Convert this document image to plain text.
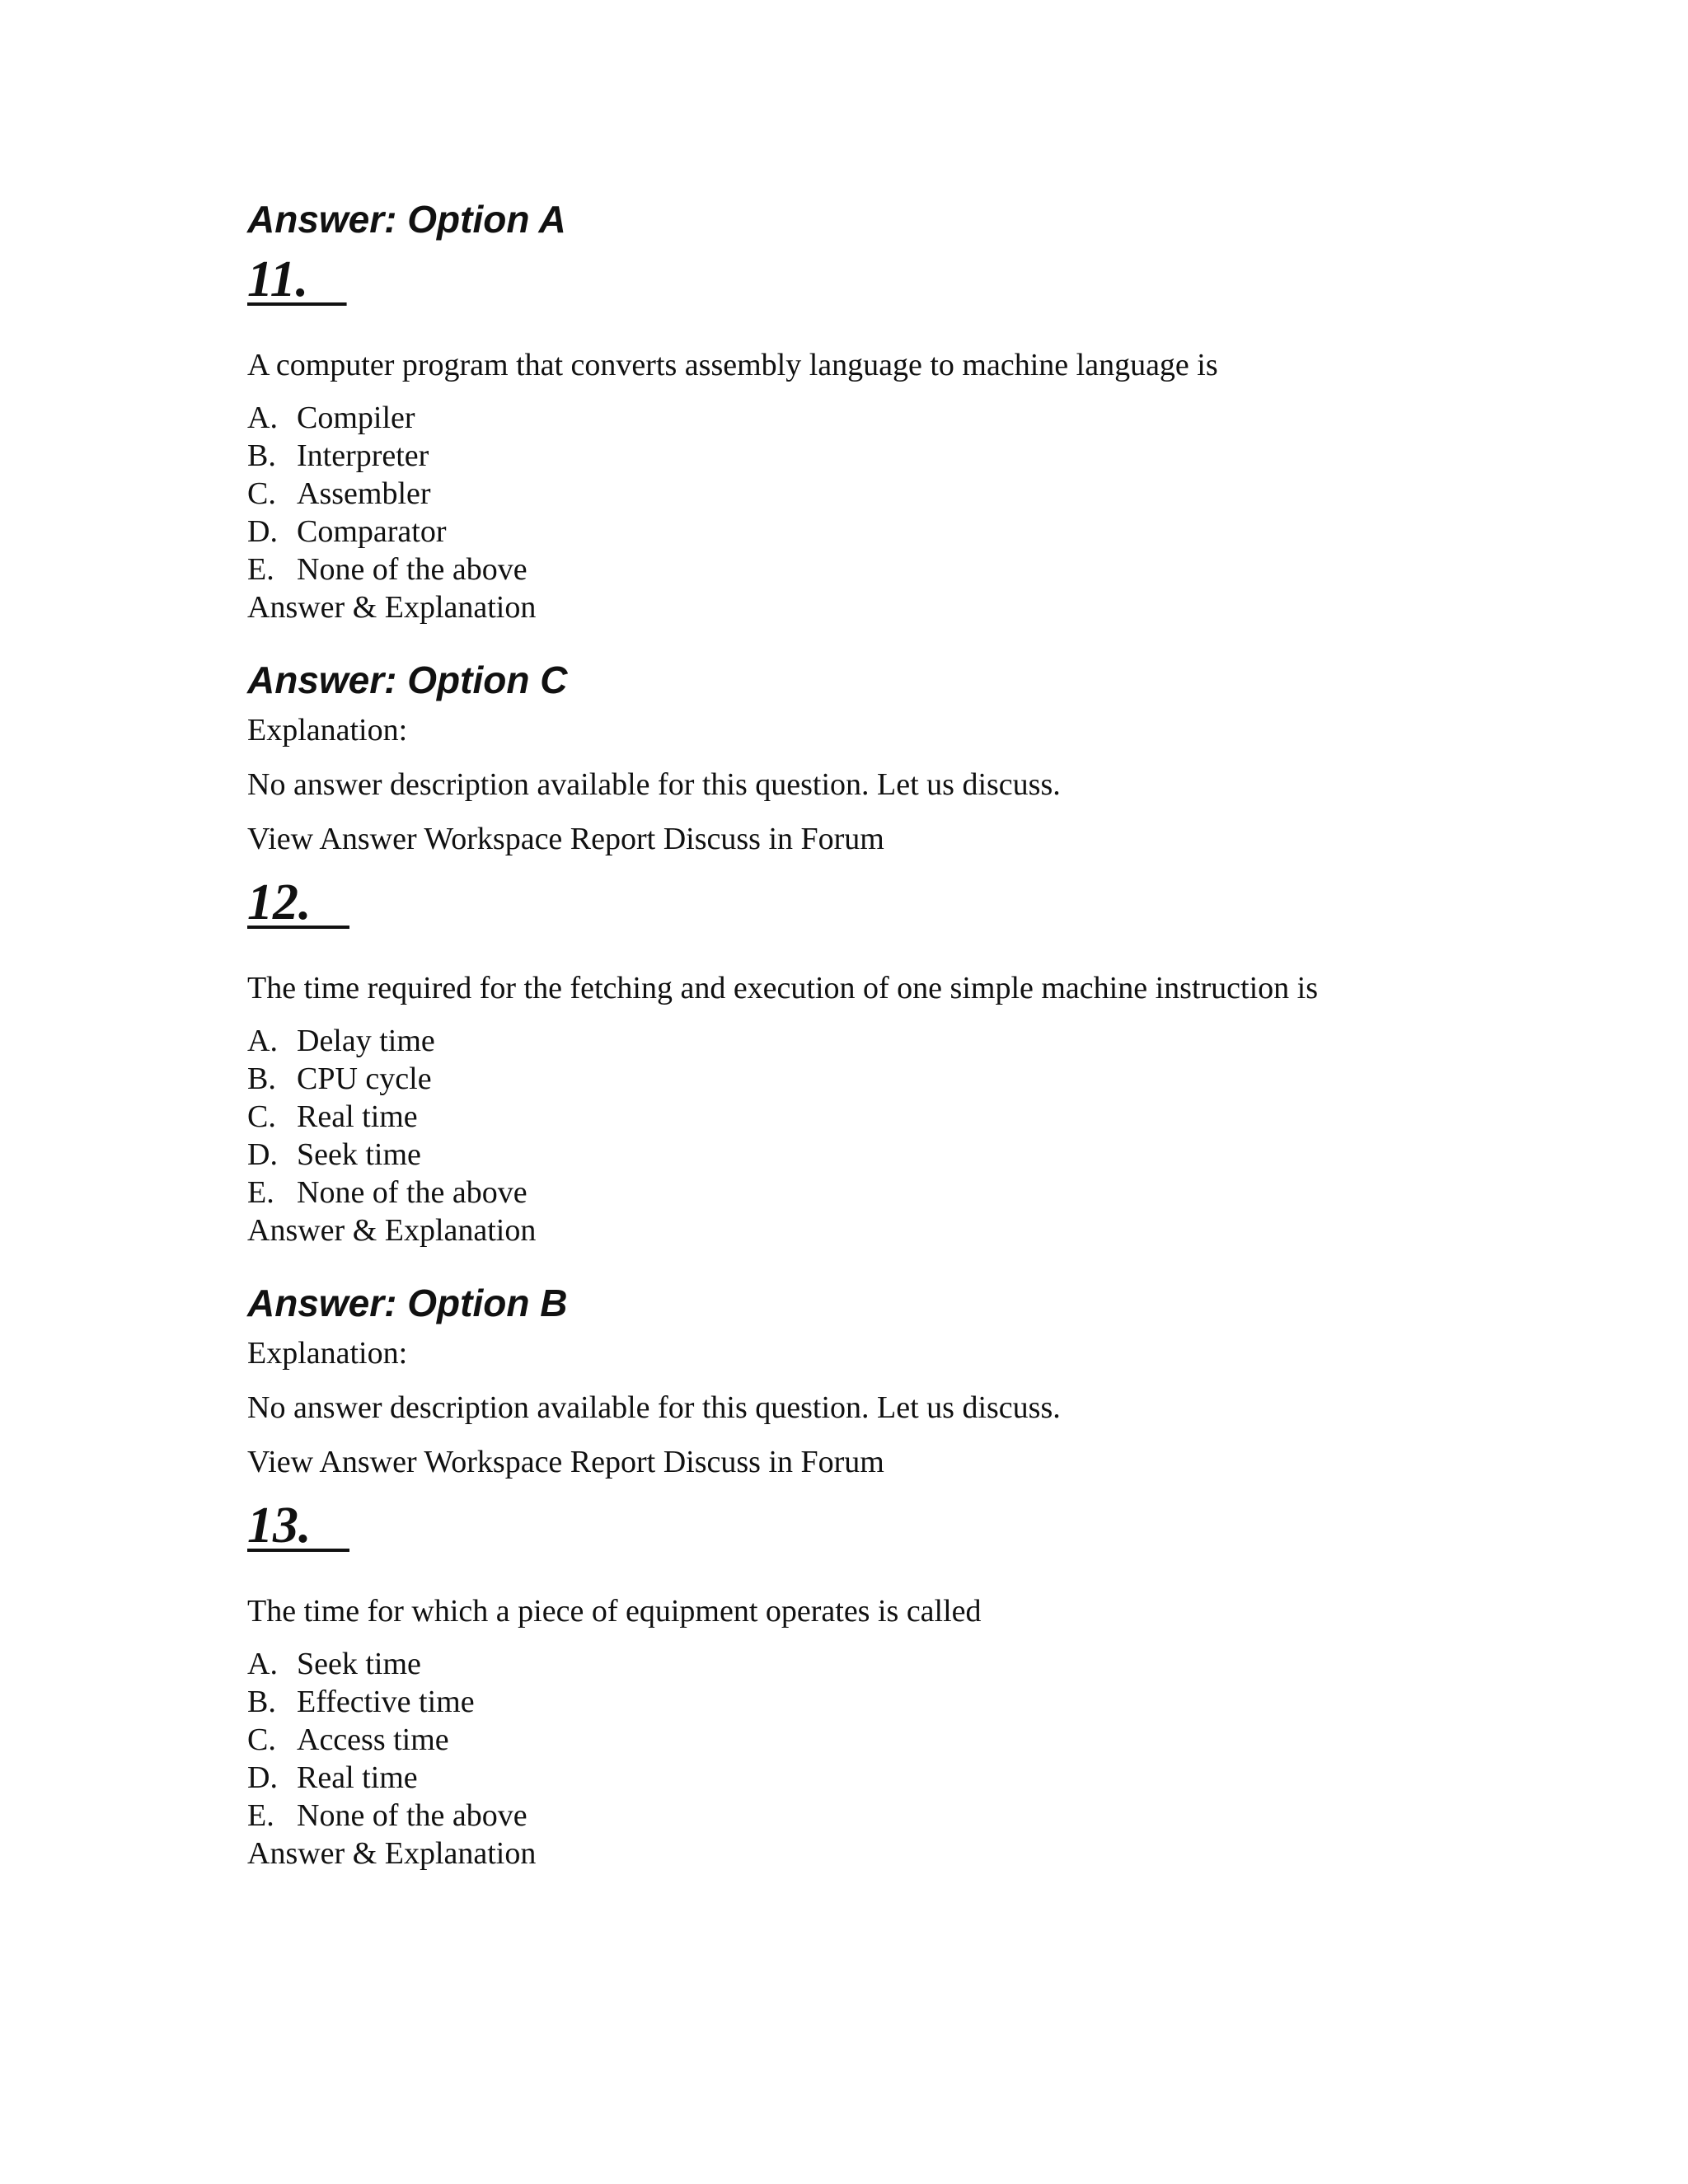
Answer: Option A
11.

A computer program that converts assembly language to machine language is

A. Compiler
B. Interpreter
C. Assembler
D. Comparator
E. None of the above

Answer & Explanation

Answer: Option C

Explanation:

No answer description available for this question. Let us discuss.

View Answer Workspace Report Discuss in Forum

12.

The time required for the fetching and execution of one simple machine instruction is

A. Delay time
B. CPU cycle
C. Real time
D. Seek time
E. None of the above

Answer & Explanation

Answer: Option B

Explanation:

No answer description available for this question. Let us discuss.

View Answer Workspace Report Discuss in Forum

13.

The time for which a piece of equipment operates is called

A. Seek time
B. Effective time
C. Access time
D. Real time
E. None of the above

Answer & Explanation
